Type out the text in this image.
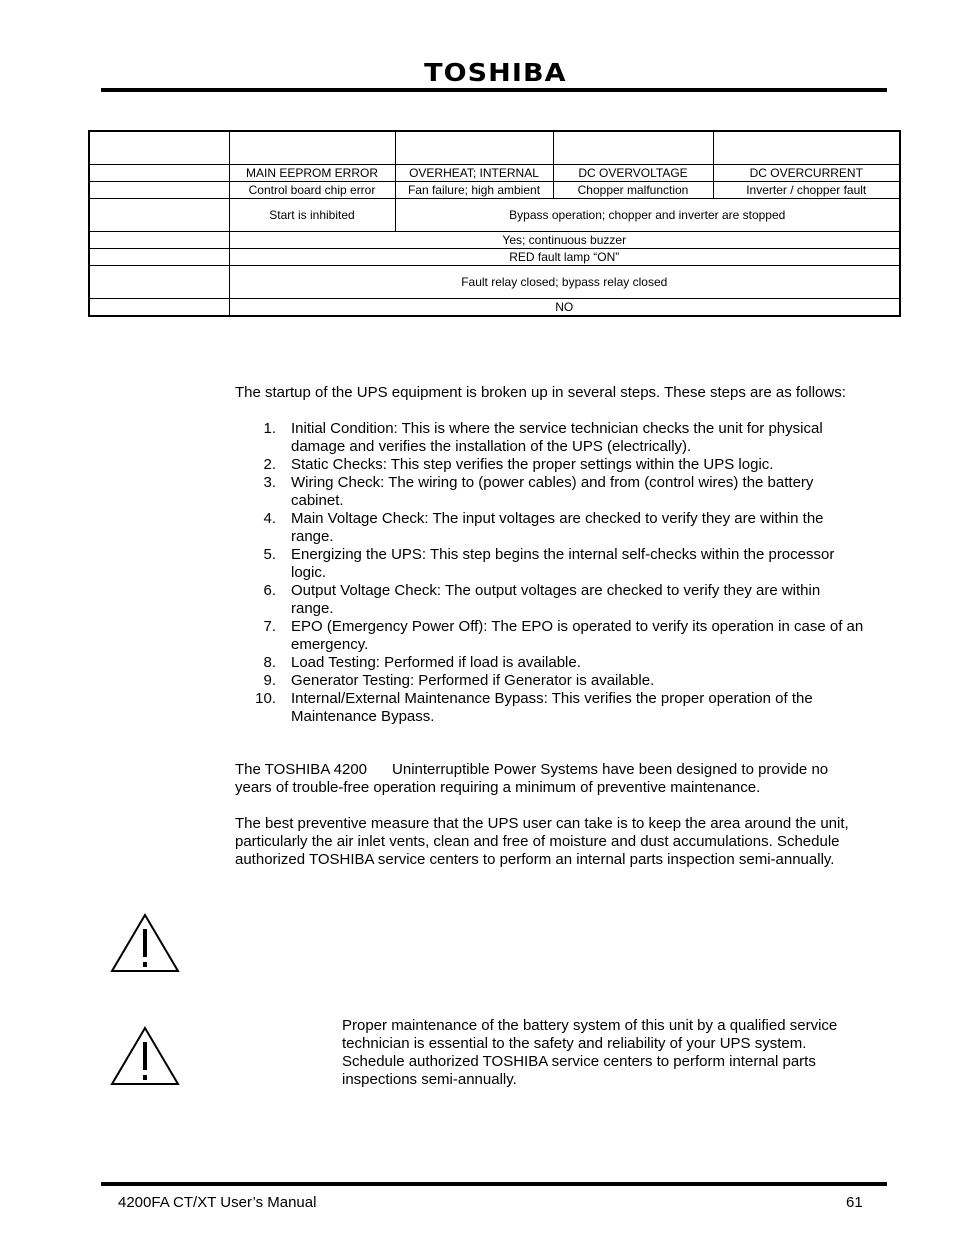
TOSHIBA

	MAIN EEPROM ERROR	OVERHEAT; INTERNAL	DC OVERVOLTAGE	DC OVERCURRENT
	Control board chip error	Fan failure; high ambient	Chopper malfunction	Inverter / chopper fault
	Start is inhibited	Bypass operation; chopper and inverter are stopped		
	Yes; continuous buzzer			
	RED fault lamp “ON”			
	Fault relay closed; bypass relay closed			
	NO			

The startup of the UPS equipment is broken up in several steps. These steps are as follows:

1. Initial Condition: This is where the service technician checks the unit for physical damage and verifies the installation of the UPS (electrically).
2. Static Checks: This step verifies the proper settings within the UPS logic.
3. Wiring Check: The wiring to (power cables) and from (control wires) the battery cabinet.
4. Main Voltage Check: The input voltages are checked to verify they are within the range.
5. Energizing the UPS: This step begins the internal self-checks within the processor logic.
6. Output Voltage Check: The output voltages are checked to verify they are within range.
7. EPO (Emergency Power Off): The EPO is operated to verify its operation in case of an emergency.
8. Load Testing: Performed if load is available.
9. Generator Testing: Performed if Generator is available.
10. Internal/External Maintenance Bypass: This verifies the proper operation of the Maintenance Bypass.

The TOSHIBA 4200      Uninterruptible Power Systems have been designed to provide no years of trouble-free operation requiring a minimum of preventive maintenance.

The best preventive measure that the UPS user can take is to keep the area around the unit, particularly the air inlet vents, clean and free of moisture and dust accumulations. Schedule authorized TOSHIBA service centers to perform an internal parts inspection semi-annually.

Proper maintenance of the battery system of this unit by a qualified service technician is essential to the safety and reliability of your UPS system. Schedule authorized TOSHIBA service centers to perform internal parts inspections semi-annually.

4200FA CT/XT User’s Manual	61
